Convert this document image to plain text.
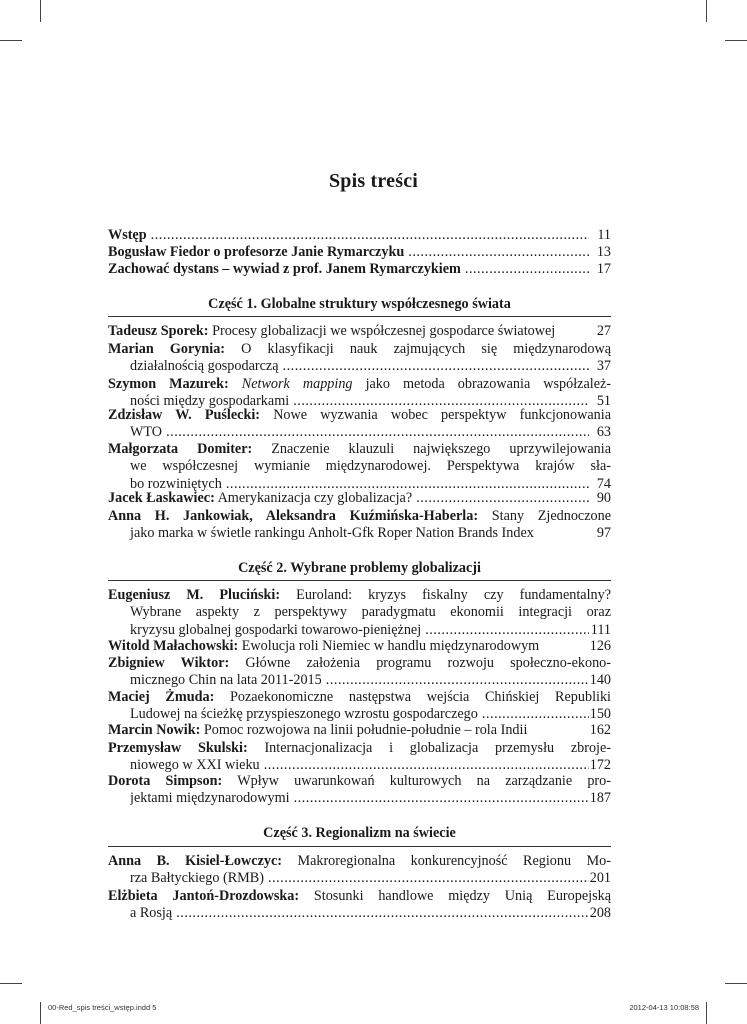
Spis treści
Wstęp .....	11
Bogusław Fiedor o profesorze Janie Rymarczyku .....	13
Zachować dystans – wywiad z prof. Janem Rymarczykiem .....	17
Część 1. Globalne struktury współczesnego świata
Tadeusz Sporek: Procesy globalizacji we współczesnej gospodarce światowej	27
Marian Gorynia: O klasyfikacji nauk zajmujących się międzynarodową
działalnością gospodarczą .....	37
Szymon Mazurek: Network mapping jako metoda obrazowania współzależ-
ności między gospodarkami .....	51
Zdzisław W. Puślecki: Nowe wyzwania wobec perspektyw funkcjonowania
WTO .....	63
Małgorzata Domiter: Znaczenie klauzuli największego uprzywilejowania
we współczesnej wymianie międzynarodowej. Perspektywa krajów sła-
bo rozwiniętych .....	74
Jacek Łaskawiec: Amerykanizacja czy globalizacja? .....	90
Anna H. Jankowiak, Aleksandra Kuźmińska-Haberla: Stany Zjednoczone
jako marka w świetle rankingu Anholt-Gfk Roper Nation Brands Index	97
Część 2. Wybrane problemy globalizacji
Eugeniusz M. Pluciński: Euroland: kryzys fiskalny czy fundamentalny?
Wybrane aspekty z perspektywy paradygmatu ekonomii integracji oraz
kryzysu globalnej gospodarki towarowo-pieniężnej .....	111
Witold Małachowski: Ewolucja roli Niemiec w handlu międzynarodowym	126
Zbigniew Wiktor: Główne założenia programu rozwoju społeczno-ekono-
micznego Chin na lata 2011-2015 .....	140
Maciej Żmuda: Pozaekonomiczne następstwa wejścia Chińskiej Republiki
Ludowej na ścieżkę przyspieszonego wzrostu gospodarczego .....	150
Marcin Nowik: Pomoc rozwojowa na linii południe-południe – rola Indii	162
Przemysław Skulski: Internacjonalizacja i globalizacja przemysłu zbroje-
niowego w XXI wieku .....	172
Dorota Simpson: Wpływ uwarunkowań kulturowych na zarządzanie pro-
jektami międzynarodowymi .....	187
Część 3. Regionalizm na świecie
Anna B. Kisiel-Łowczyc: Makroregionalna konkurencyjność Regionu Mo-
rza Bałtyckiego (RMB) .....	201
Elżbieta Jantoń-Drozdowska: Stosunki handlowe między Unią Europejską
a Rosją .....	208
00-Red_spis treści_wstęp.indd 5	2012-04-13 10:08:58
